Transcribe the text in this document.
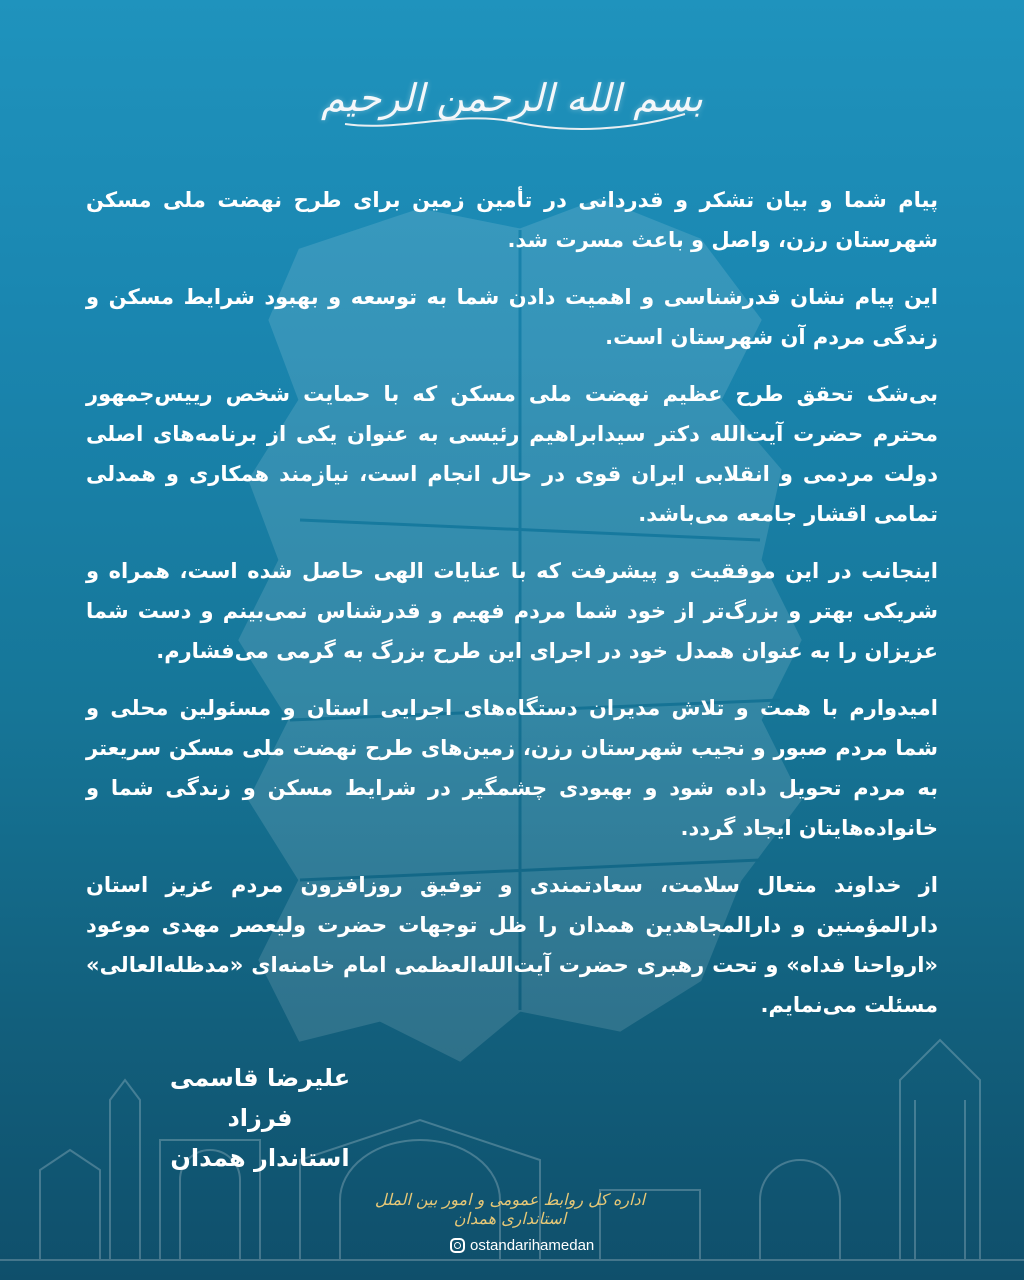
بسم الله الرحمن الرحیم

پیام شما و بیان تشکر و قدردانی در تأمین زمین برای طرح نهضت ملی مسکن شهرستان رزن، واصل و باعث مسرت شد.

این پیام نشان قدرشناسی و اهمیت دادن شما به توسعه و بهبود شرایط مسکن و زندگی مردم آن شهرستان است.

بی‌شک تحقق طرح عظیم نهضت ملی مسکن که با حمایت شخص رییس‌جمهور محترم حضرت آیت‌الله دکتر سیدابراهیم رئیسی به عنوان یکی از برنامه‌های اصلی دولت مردمی و انقلابی ایران قوی در حال انجام است، نیازمند همکاری و همدلی تمامی اقشار جامعه می‌باشد.

اینجانب در این موفقیت و پیشرفت که با عنایات الهی حاصل شده است، همراه و شریکی بهتر و بزرگ‌تر از خود شما مردم فهیم و قدرشناس نمی‌بینم و دست شما عزیزان را به عنوان همدل خود در اجرای این طرح بزرگ به گرمی می‌فشارم.

امیدوارم با همت و تلاش مدیران دستگاه‌های اجرایی استان و مسئولین محلی و شما مردم صبور و نجیب شهرستان رزن، زمین‌های طرح نهضت ملی مسکن سریعتر به مردم تحویل داده شود و بهبودی چشمگیر در شرایط مسکن و زندگی شما و خانواده‌هایتان ایجاد گردد.

از خداوند متعال سلامت، سعادتمندی و توفیق روزافزون مردم عزیز استان دارالمؤمنین و دارالمجاهدین همدان را ظل توجهات حضرت ولیعصر مهدی موعود «ارواحنا فداه» و تحت رهبری حضرت آیت‌الله‌العظمی امام خامنه‌ای «مدظله‌العالی» مسئلت می‌نمایم.

علیرضا قاسمی فرزاد
استاندار همدان
اداره کل روابط عمومی و امور بین الملل استانداری همدان
ostandarihamedan
